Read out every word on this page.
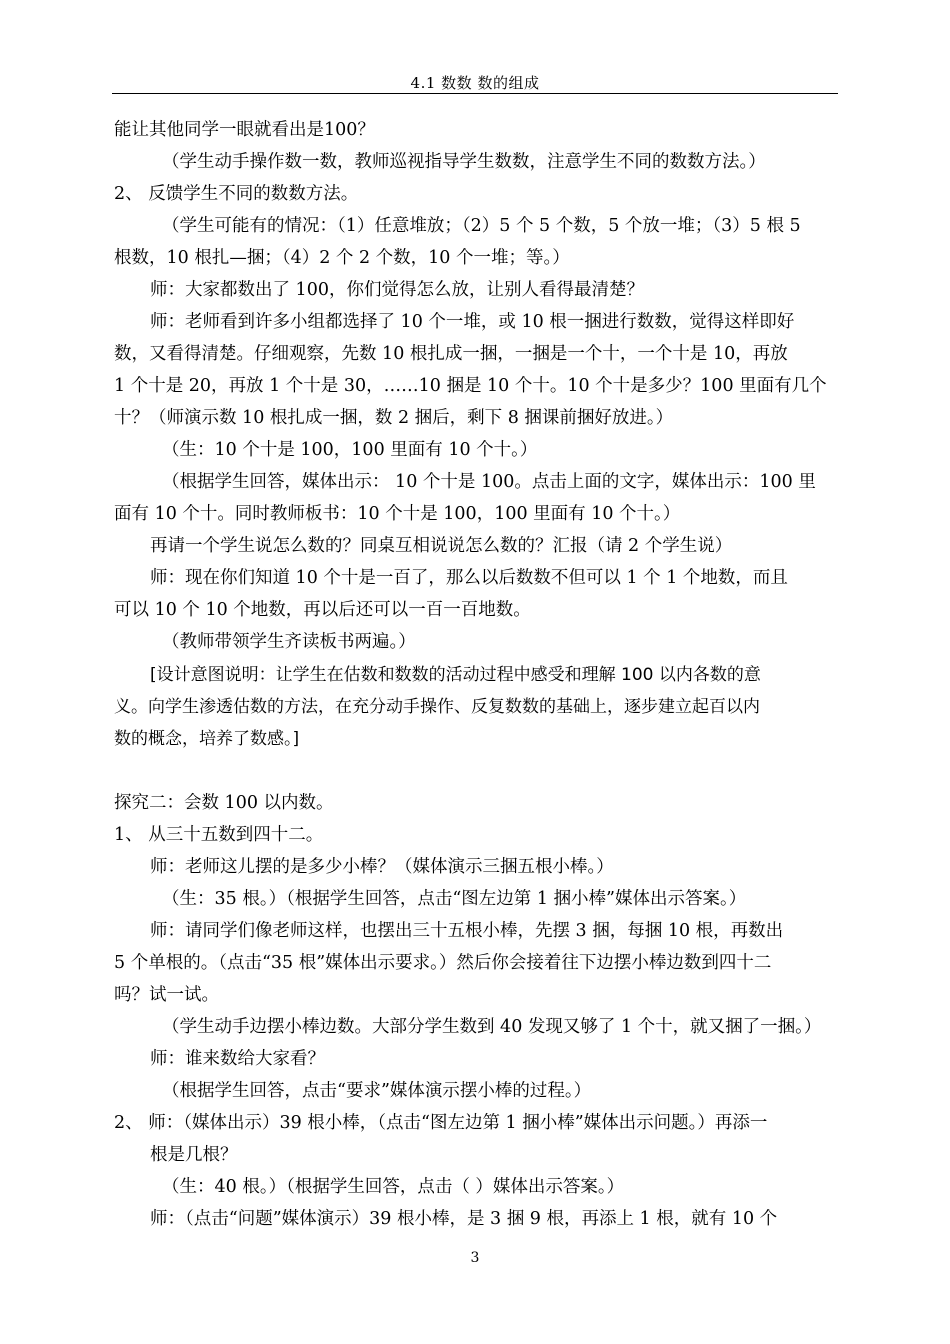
4.1 数数 数的组成
能让其他同学一眼就看出是100？
（学生动手操作数一数，教师巡视指导学生数数，注意学生不同的数数方法。）
2、 反馈学生不同的数数方法。
（学生可能有的情况：（1）任意堆放；（2）5 个 5 个数，5 个放一堆；（3）5 根 5
根数，10 根扎—捆；（4）2 个 2 个数，10 个一堆；等。）
师：大家都数出了 100，你们觉得怎么放，让别人看得最清楚？
师：老师看到许多小组都选择了 10 个一堆，或 10 根一捆进行数数，觉得这样即好
数，又看得清楚。仔细观察，先数 10 根扎成一捆，一捆是一个十，一个十是 10，再放
1 个十是 20，再放 1 个十是 30，……10 捆是 10 个十。10 个十是多少？100 里面有几个
十？（师演示数 10 根扎成一捆，数 2 捆后，剩下 8 捆课前捆好放进。）
（生：10 个十是 100，100 里面有 10 个十。）
（根据学生回答，媒体出示： 10 个十是 100。点击上面的文字，媒体出示：100 里
面有 10 个十。同时教师板书：10 个十是 100，100 里面有 10 个十。）
再请一个学生说怎么数的？同桌互相说说怎么数的？汇报（请 2 个学生说）
师：现在你们知道 10 个十是一百了，那么以后数数不但可以 1 个 1 个地数，而且
可以 10 个 10 个地数，再以后还可以一百一百地数。
（教师带领学生齐读板书两遍。）
[设计意图说明：让学生在估数和数数的活动过程中感受和理解 100 以内各数的意
义。向学生渗透估数的方法，在充分动手操作、反复数数的基础上，逐步建立起百以内
数的概念，培养了数感。]
探究二：会数 100 以内数。
1、 从三十五数到四十二。
师：老师这儿摆的是多少小棒？（媒体演示三捆五根小棒。）
（生：35 根。）（根据学生回答，点击“图左边第 1 捆小棒”媒体出示答案。）
师：请同学们像老师这样，也摆出三十五根小棒，先摆 3 捆，每捆 10 根，再数出
5 个单根的。（点击“35 根”媒体出示要求。）然后你会接着往下边摆小棒边数到四十二
吗？试一试。
（学生动手边摆小棒边数。大部分学生数到 40 发现又够了 1 个十，就又捆了一捆。）
师：谁来数给大家看？
（根据学生回答，点击“要求”媒体演示摆小棒的过程。）
2、 师：（媒体出示）39 根小棒，（点击“图左边第 1 捆小棒”媒体出示问题。）再添一
根是几根？
（生：40 根。）（根据学生回答，点击（ ）媒体出示答案。）
师：（点击“问题”媒体演示）39 根小棒，是 3 捆 9 根，再添上 1 根，就有 10 个
3
